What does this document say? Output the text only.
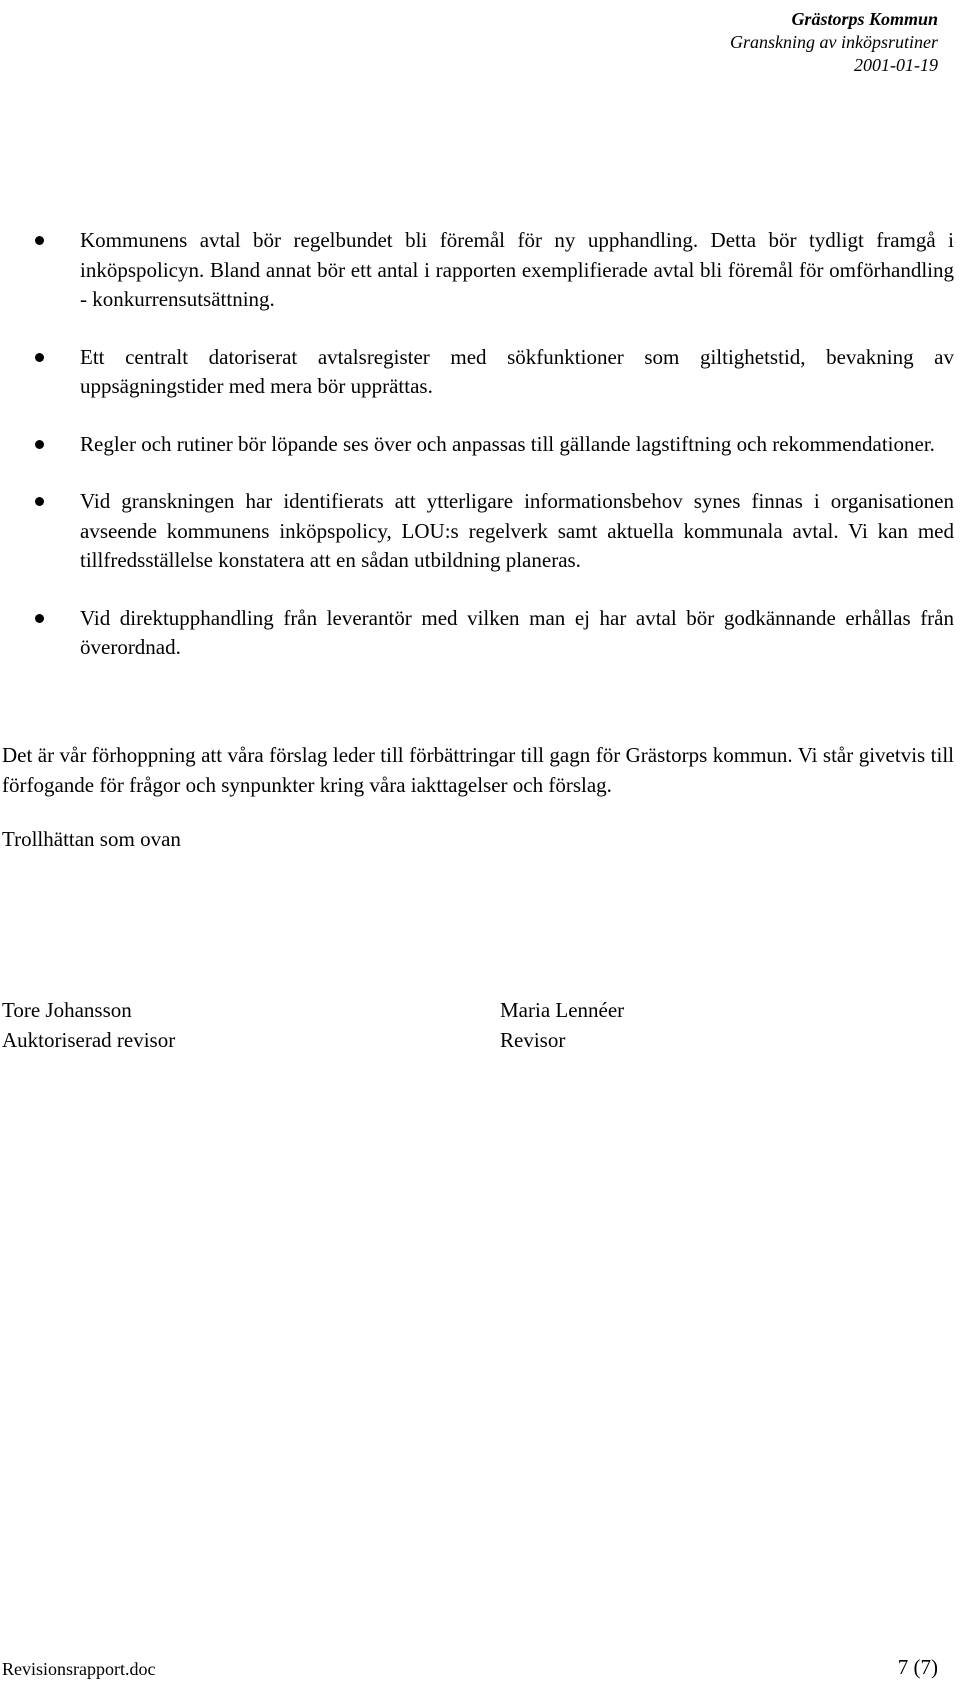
Grästorps Kommun
Granskning av inköpsrutiner
2001-01-19
Kommunens avtal bör regelbundet bli föremål för ny upphandling. Detta bör tydligt framgå i inköpspolicyn. Bland annat bör ett antal i rapporten exemplifierade avtal bli föremål för omförhandling - konkurrensutsättning.
Ett centralt datoriserat avtalsregister med sökfunktioner som giltighetstid, bevakning av uppsägningstider med mera bör upprättas.
Regler och rutiner bör löpande ses över och anpassas till gällande lagstiftning och rekommendationer.
Vid granskningen har identifierats att ytterligare informationsbehov synes finnas i organisationen avseende kommunens inköpspolicy, LOU:s regelverk samt aktuella kommunala avtal. Vi kan med tillfredsställelse konstatera att en sådan utbildning planeras.
Vid direktupphandling från leverantör med vilken man ej har avtal bör godkännande erhållas från överordnad.
Det är vår förhoppning att våra förslag leder till förbättringar till gagn för Grästorps kommun. Vi står givetvis till förfogande för frågor och synpunkter kring våra iakttagelser och förslag.
Trollhättan som ovan
Tore Johansson
Auktoriserad revisor
Maria Lennéer
Revisor
Revisionsrapport.doc	7 (7)
